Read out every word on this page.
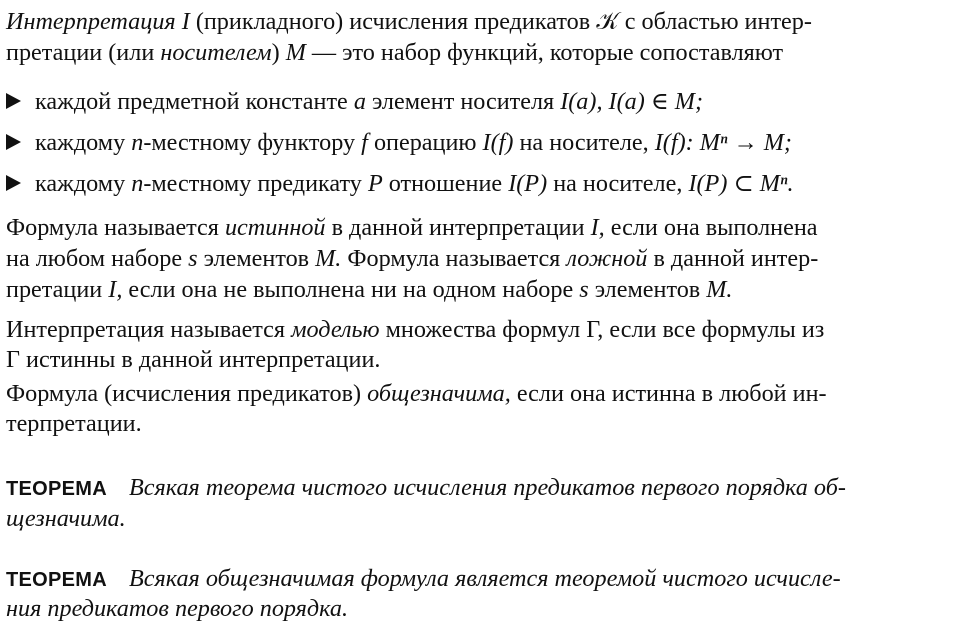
Интерпретация I (прикладного) исчисления предикатов 𝒦 с областью интер-
претации (или носителем) M — это набор функций, которые сопоставляют
каждой предметной константе a элемент носителя I(a), I(a) ∈ M;
каждому n-местному функтору f операцию I(f) на носителе, I(f): Mⁿ → M;
каждому n-местному предикату P отношение I(P) на носителе, I(P) ⊂ Mⁿ.
Формула называется истинной в данной интерпретации I, если она выполнена
на любом наборе s элементов M. Формула называется ложной в данной интер-
претации I, если она не выполнена ни на одном наборе s элементов M.
Интерпретация называется моделью множества формул Γ, если все формулы из
Γ истинны в данной интерпретации.
Формула (исчисления предикатов) общезначима, если она истинна в любой ин-
терпретации.
ТЕОРЕМА Всякая теорема чистого исчисления предикатов первого порядка об-
щезначима.
ТЕОРЕМА Всякая общезначимая формула является теоремой чистого исчисле-
ния предикатов первого порядка.
